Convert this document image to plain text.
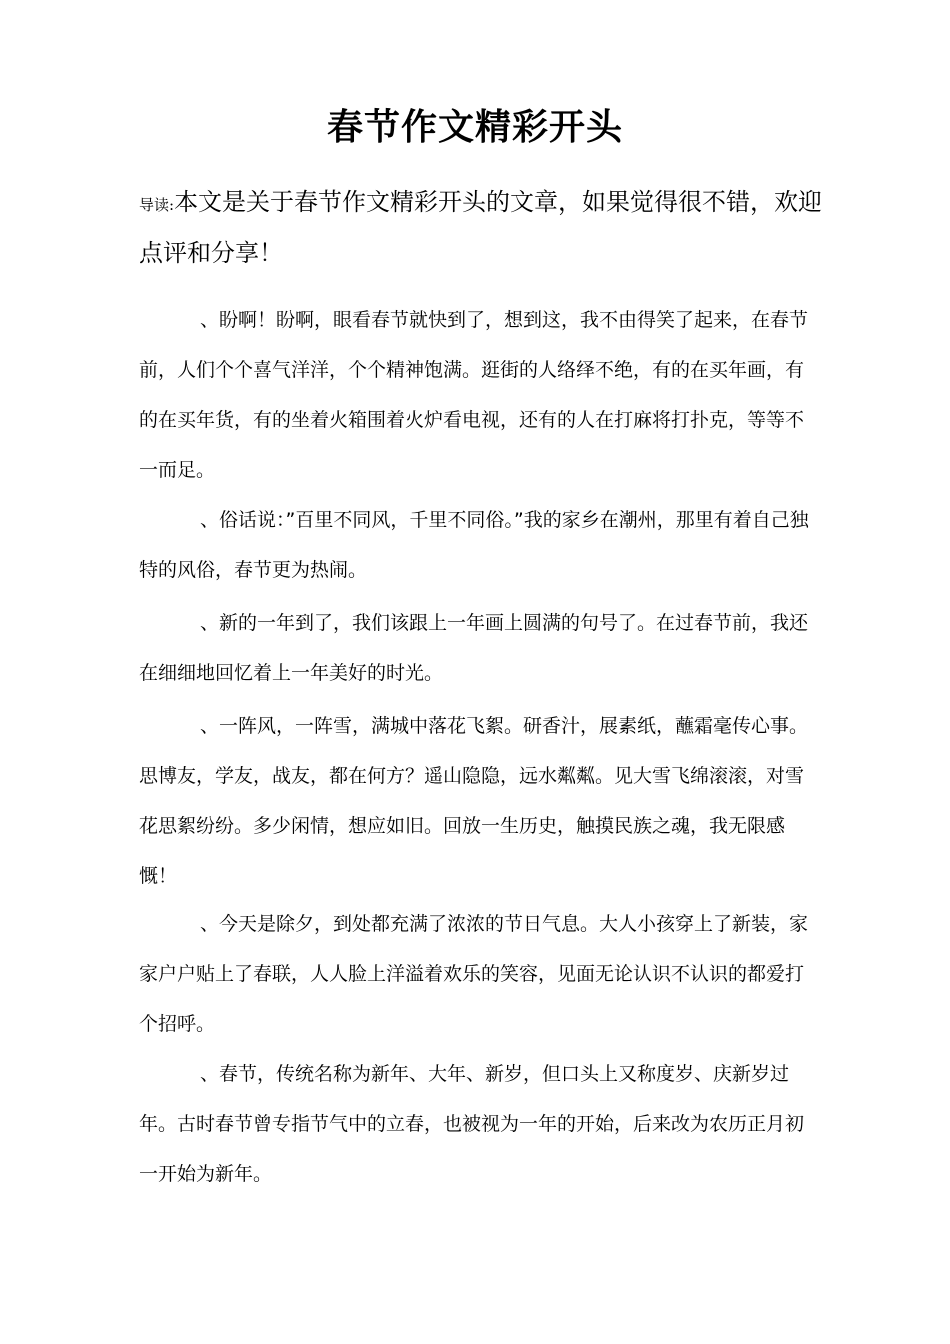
春节作文精彩开头
导读:本文是关于春节作文精彩开头的文章，如果觉得很不错，欢迎点评和分享！

、盼啊！盼啊，眼看春节就快到了，想到这，我不由得笑了起来，在春节前，人们个个喜气洋洋，个个精神饱满。逛街的人络绎不绝，有的在买年画，有的在买年货，有的坐着火箱围着火炉看电视，还有的人在打麻将打扑克，等等不一而足。

、俗话说：”百里不同风，千里不同俗。”我的家乡在潮州，那里有着自己独特的风俗，春节更为热闹。

、新的一年到了，我们该跟上一年画上圆满的句号了。在过春节前，我还在细细地回忆着上一年美好的时光。

、一阵风，一阵雪，满城中落花飞絮。研香汁，展素纸，蘸霜毫传心事。思博友，学友，战友，都在何方？遥山隐隐，远水粼粼。见大雪飞绵滚滚，对雪花思絮纷纷。多少闲情，想应如旧。回放一生历史，触摸民族之魂，我无限感慨！

、今天是除夕，到处都充满了浓浓的节日气息。大人小孩穿上了新装，家家户户贴上了春联，人人脸上洋溢着欢乐的笑容，见面无论认识不认识的都爱打个招呼。

、春节，传统名称为新年、大年、新岁，但口头上又称度岁、庆新岁过年。古时春节曾专指节气中的立春，也被视为一年的开始，后来改为农历正月初一开始为新年。
